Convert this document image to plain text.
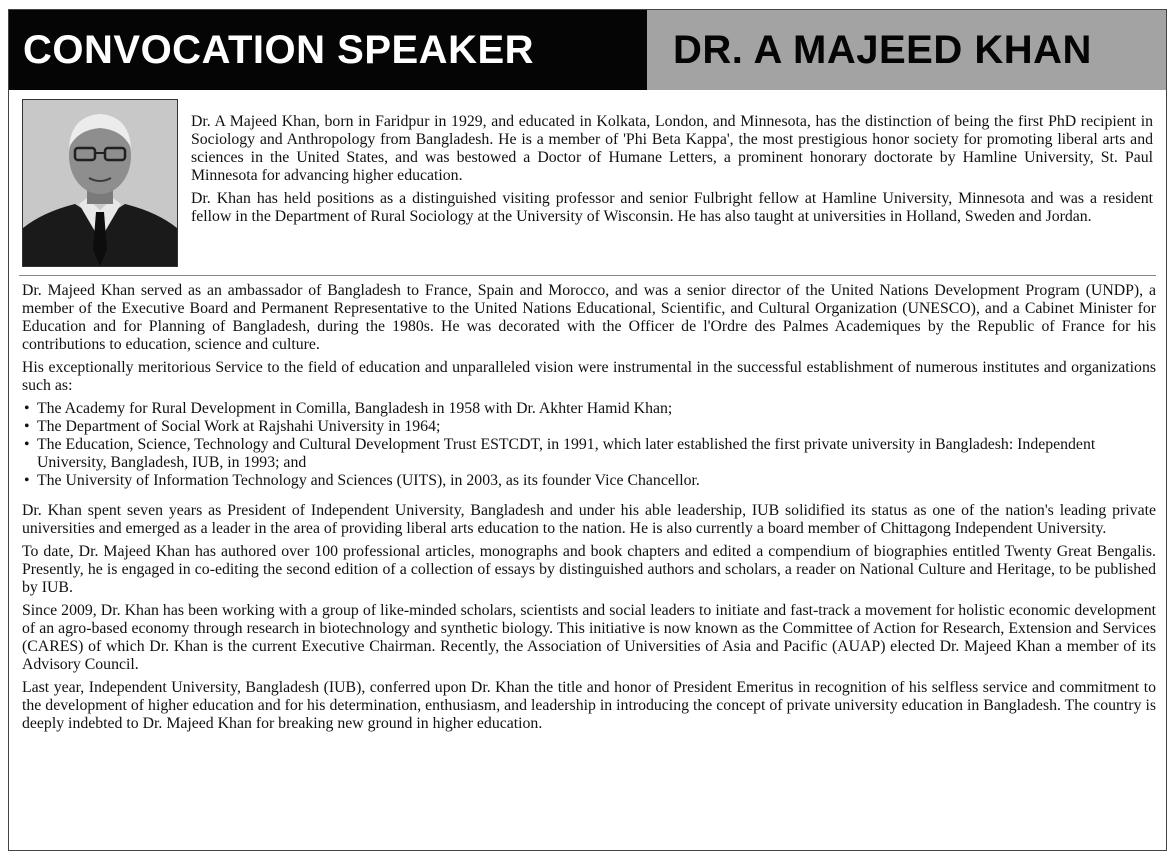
CONVOCATION SPEAKER	DR. A MAJEED KHAN

Dr. A Majeed Khan, born in Faridpur in 1929, and educated in Kolkata, London, and Minnesota, has the distinction of being the first PhD recipient in Sociology and Anthropology from Bangladesh. He is a member of 'Phi Beta Kappa', the most prestigious honor society for promoting liberal arts and sciences in the United States, and was bestowed a Doctor of Humane Letters, a prominent honorary doctorate by Hamline University, St. Paul Minnesota for advancing higher education.

Dr. Khan has held positions as a distinguished visiting professor and senior Fulbright fellow at Hamline University, Minnesota and was a resident fellow in the Department of Rural Sociology at the University of Wisconsin. He has also taught at universities in Holland, Sweden and Jordan.

Dr. Majeed Khan served as an ambassador of Bangladesh to France, Spain and Morocco, and was a senior director of the United Nations Development Program (UNDP), a member of the Executive Board and Permanent Representative to the United Nations Educational, Scientific, and Cultural Organization (UNESCO), and a Cabinet Minister for Education and for Planning of Bangladesh, during the 1980s. He was decorated with the Officer de l'Ordre des Palmes Academiques by the Republic of France for his contributions to education, science and culture.

His exceptionally meritorious Service to the field of education and unparalleled vision were instrumental in the successful establishment of numerous institutes and organizations such as:

• The Academy for Rural Development in Comilla, Bangladesh in 1958 with Dr. Akhter Hamid Khan;
• The Department of Social Work at Rajshahi University in 1964;
• The Education, Science, Technology and Cultural Development Trust ESTCDT, in 1991, which later established the first private university in Bangladesh: Independent University, Bangladesh, IUB, in 1993; and
• The University of Information Technology and Sciences (UITS), in 2003, as its founder Vice Chancellor.

Dr. Khan spent seven years as President of Independent University, Bangladesh and under his able leadership, IUB solidified its status as one of the nation's leading private universities and emerged as a leader in the area of providing liberal arts education to the nation. He is also currently a board member of Chittagong Independent University.

To date, Dr. Majeed Khan has authored over 100 professional articles, monographs and book chapters and edited a compendium of biographies entitled Twenty Great Bengalis. Presently, he is engaged in co-editing the second edition of a collection of essays by distinguished authors and scholars, a reader on National Culture and Heritage, to be published by IUB.

Since 2009, Dr. Khan has been working with a group of like-minded scholars, scientists and social leaders to initiate and fast-track a movement for holistic economic development of an agro-based economy through research in biotechnology and synthetic biology. This initiative is now known as the Committee of Action for Research, Extension and Services (CARES) of which Dr. Khan is the current Executive Chairman. Recently, the Association of Universities of Asia and Pacific (AUAP) elected Dr. Majeed Khan a member of its Advisory Council.

Last year, Independent University, Bangladesh (IUB), conferred upon Dr. Khan the title and honor of President Emeritus in recognition of his selfless service and commitment to the development of higher education and for his determination, enthusiasm, and leadership in introducing the concept of private university education in Bangladesh. The country is deeply indebted to Dr. Majeed Khan for breaking new ground in higher education.
